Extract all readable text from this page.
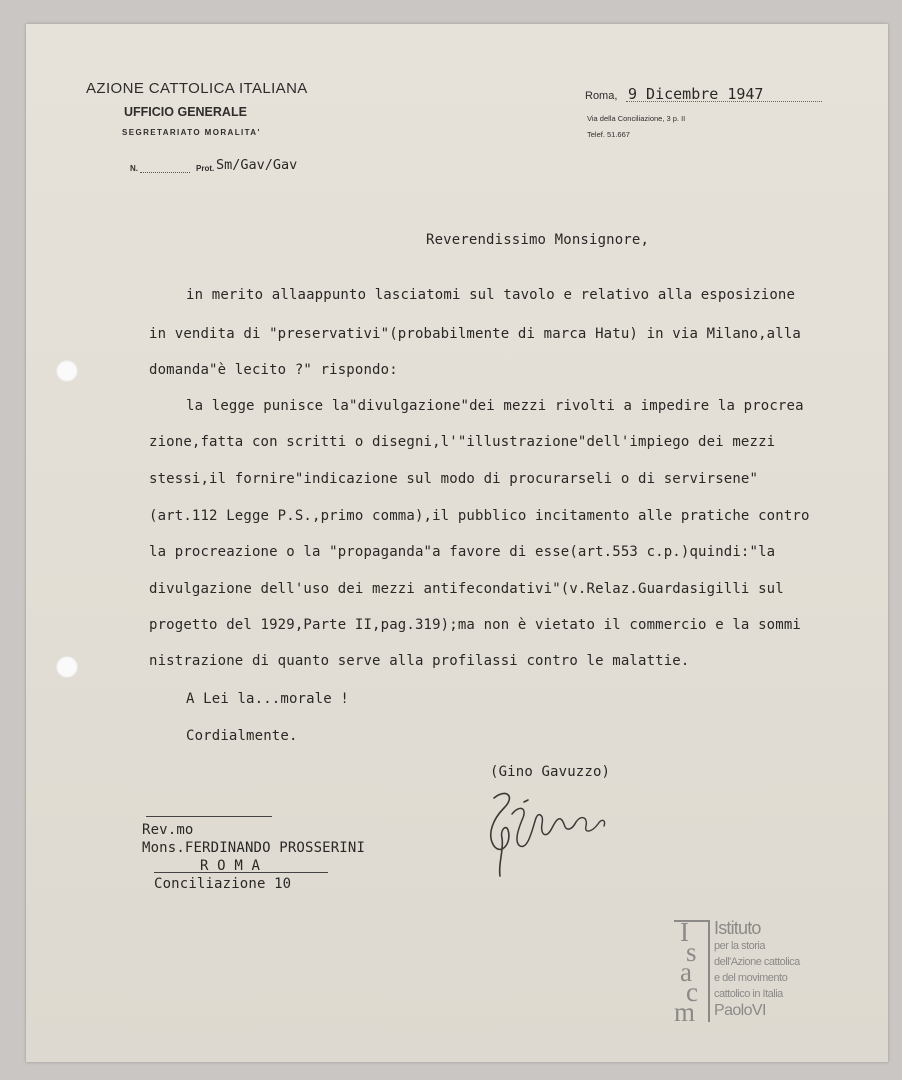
AZIONE CATTOLICA ITALIANA
UFFICIO GENERALE
SEGRETARIATO MORALITA'
N.	Prot. Sm/Gav/Gav
Roma, 9 Dicembre 1947
Via della Conciliazione, 3 p. II
Telef. 51.667
Reverendissimo Monsignore,
in merito allaappunto lasciatomi sul tavolo e relativo alla esposizione
in vendita di "preservativi"(probabilmente di marca Hatu) in via Milano,alla
domanda"è lecito ?" rispondo:
la legge punisce la"divulgazione"dei mezzi rivolti a impedire la procrea
zione,fatta con scritti o disegni,l'"illustrazione"dell'impiego dei mezzi
stessi,il fornire"indicazione sul modo di procurarseli o di servirsene"
(art.112 Legge P.S.,primo comma),il pubblico incitamento alle pratiche contro
la procreazione o la "propaganda"a favore di esse(art.553 c.p.)quindi:"la
divulgazione dell'uso dei mezzi antifecondativi"(v.Relaz.Guardasigilli sul
progetto del 1929,Parte II,pag.319);ma non è vietato il commercio e la sommi
nistrazione di quanto serve alla profilassi contro le malattie.
A Lei la...morale !
Cordialmente.
(Gino Gavuzzo)
Rev.mo
Mons.FERDINANDO PROSSERINI
R O M A
Conciliazione 10
I
s
a
c
m
Istituto
per la storia
dell'Azione cattolica
e del movimento
cattolico in Italia
PaoloVI
